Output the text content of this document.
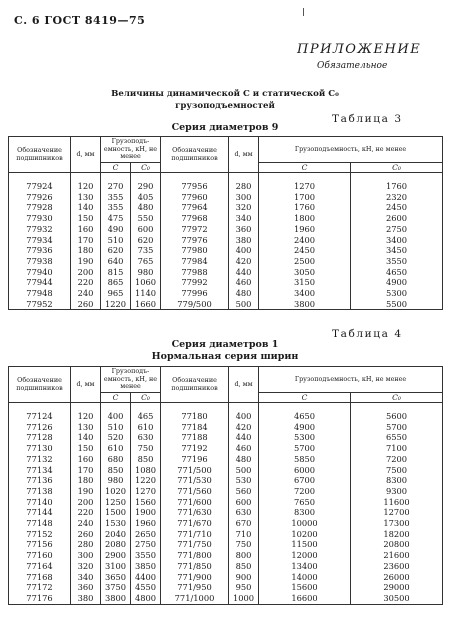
С. 6 ГОСТ 8419—75
ПРИЛОЖЕНИЕ
Обязательное
Величины динамической С и статической C₀
грузоподъемностей
Таблица 3
Серия диаметров 9
Обозначение подшипников	d, мм	Грузоподъ-емность, кН, не менее		Обозначение подшипников	d, мм	Грузоподъемность, кН, не менее	
		C	C₀			C	C₀

77924	120	270	290	77956	280	1270	1760
77926	130	355	405	77960	300	1700	2320
77928	140	355	480	77964	320	1760	2450
77930	150	475	550	77968	340	1800	2600
77932	160	490	600	77972	360	1960	2750
77934	170	510	620	77976	380	2400	3400
77936	180	620	735	77980	400	2450	3450
77938	190	640	765	77984	420	2500	3550
77940	200	815	980	77988	440	3050	4650
77944	220	865	1060	77992	460	3150	4900
77948	240	965	1140	77996	480	3400	5300
77952	260	1220	1660	779/500	500	3800	5500
Таблица 4
Серия диаметров 1
Нормальная серия ширин
Обозначение подшипников	d, мм	Грузоподъ-емность, кН, не менее		Обозначение подшипников	d, мм	Грузоподъемность, кН, не менее	
		C	C₀			C	C₀

77124	120	400	465	77180	400	4650	5600
77126	130	510	610	77184	420	4900	5700
77128	140	520	630	77188	440	5300	6550
77130	150	610	750	77192	460	5700	7100
77132	160	680	850	77196	480	5850	7200
77134	170	850	1080	771/500	500	6000	7500
77136	180	980	1220	771/530	530	6700	8300
77138	190	1020	1270	771/560	560	7200	9300
77140	200	1250	1560	771/600	600	7650	11600
77144	220	1500	1900	771/630	630	8300	12700
77148	240	1530	1960	771/670	670	10000	17300
77152	260	2040	2650	771/710	710	10200	18200
77156	280	2080	2750	771/750	750	11500	20800
77160	300	2900	3550	771/800	800	12000	21600
77164	320	3100	3850	771/850	850	13400	23600
77168	340	3650	4400	771/900	900	14000	26000
77172	360	3750	4550	771/950	950	15600	29000
77176	380	3800	4800	771/1000	1000	16600	30500
